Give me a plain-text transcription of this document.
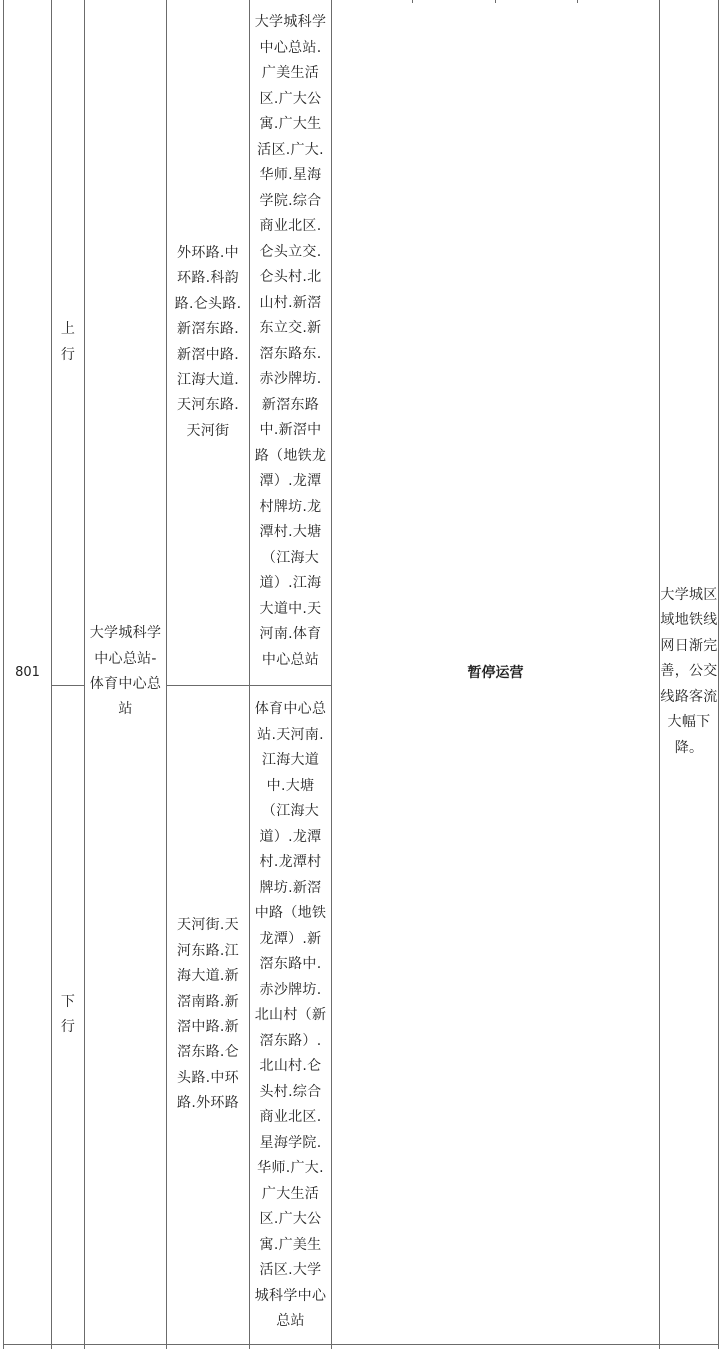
801
上
行
下
行
大学城科学
中心总站-
体育中心总
站
外环路.中
环路.科韵
路.仑头路.
新滘东路.
新滘中路.
江海大道.
天河东路.
天河街
天河街.天
河东路.江
海大道.新
滘南路.新
滘中路.新
滘东路.仑
头路.中环
路.外环路
大学城科学
中心总站.
广美生活
区.广大公
寓.广大生
活区.广大.
华师.星海
学院.综合
商业北区.
仑头立交.
仑头村.北
山村.新滘
东立交.新
滘东路东.
赤沙牌坊.
新滘东路
中.新滘中
路（地铁龙
潭）.龙潭
村牌坊.龙
潭村.大塘
（江海大
道）.江海
大道中.天
河南.体育
中心总站
体育中心总
站.天河南.
江海大道
中.大塘
（江海大
道）.龙潭
村.龙潭村
牌坊.新滘
中路（地铁
龙潭）.新
滘东路中.
赤沙牌坊.
北山村（新
滘东路）.
北山村.仑
头村.综合
商业北区.
星海学院.
华师.广大.
广大生活
区.广大公
寓.广美生
活区.大学
城科学中心
总站
暂停运营
大学城区
域地铁线
网日渐完
善，公交
线路客流
大幅下
降。
